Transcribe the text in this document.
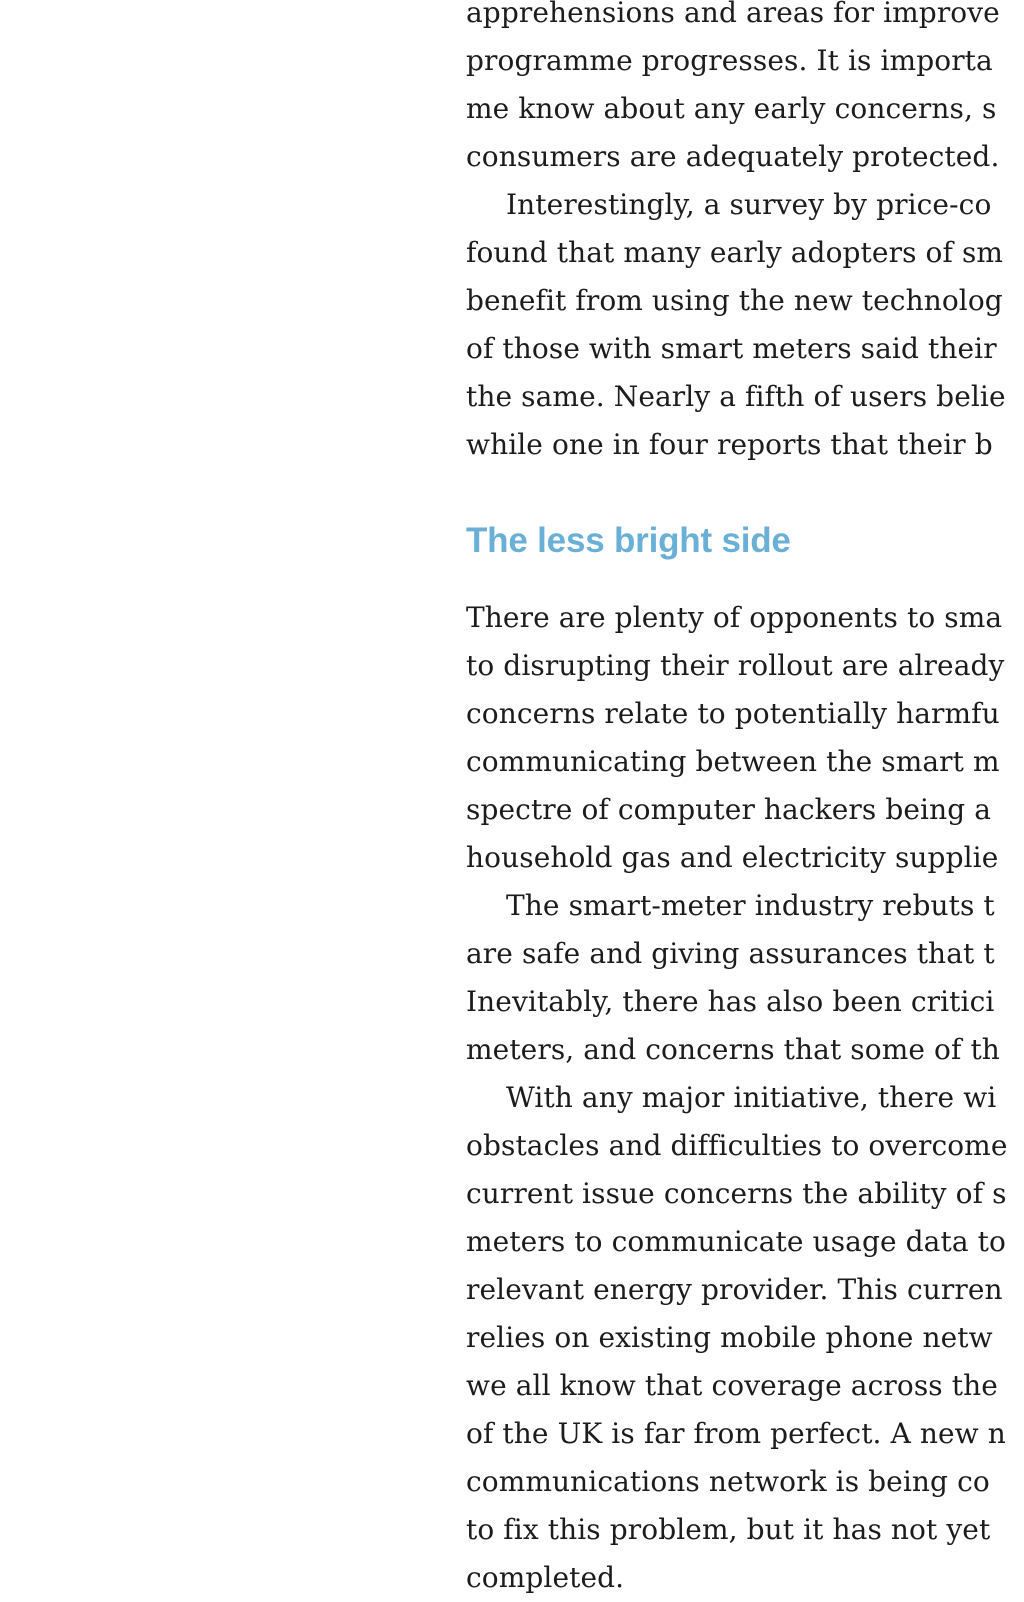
apprehensions and areas for improve
programme progresses. It is importa
me know about any early concerns, s
consumers are adequately protected.
Interestingly, a survey by price-co
found that many early adopters of sm
benefit from using the new technolog
of those with smart meters said their
the same. Nearly a fifth of users belie
while one in four reports that their b
The less bright side
There are plenty of opponents to sma
to disrupting their rollout are already
concerns relate to potentially harmfu
communicating between the smart m
spectre of computer hackers being a
household gas and electricity supplie
The smart-meter industry rebuts t
are safe and giving assurances that t
Inevitably, there has also been critici
meters, and concerns that some of th
With any major initiative, there wi
obstacles and difficulties to overcome
current issue concerns the ability of s
meters to communicate usage data to
relevant energy provider. This curren
relies on existing mobile phone netw
we all know that coverage across the
of the UK is far from perfect. A new n
communications network is being co
to fix this problem, but it has not yet
completed.
